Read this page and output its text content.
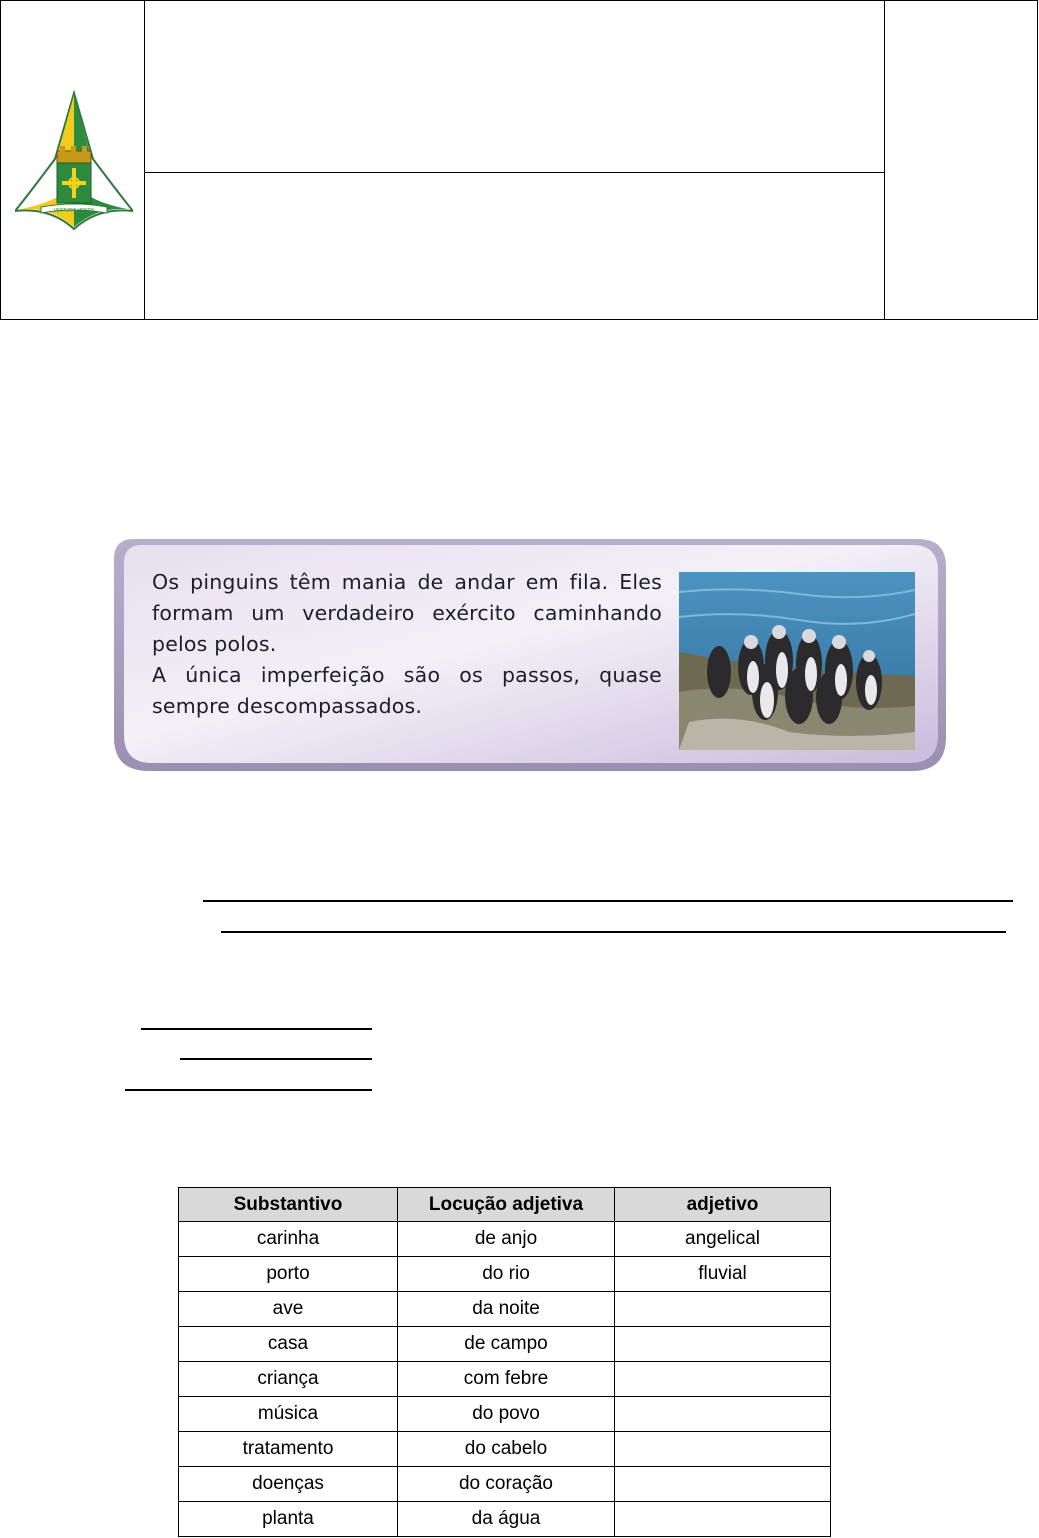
VENTURIS VENTIS

Os pinguins têm mania de andar em fila. Eles formam um verdadeiro exército caminhando pelos polos.

A única imperfeição são os passos, quase sempre descompassados.

Substantivo	Locução adjetiva	adjetivo
carinha	de anjo	angelical
porto	do rio	fluvial
ave	da noite	
casa	de campo	
criança	com febre	
música	do povo	
tratamento	do cabelo	
doenças	do coração	
planta	da água	
